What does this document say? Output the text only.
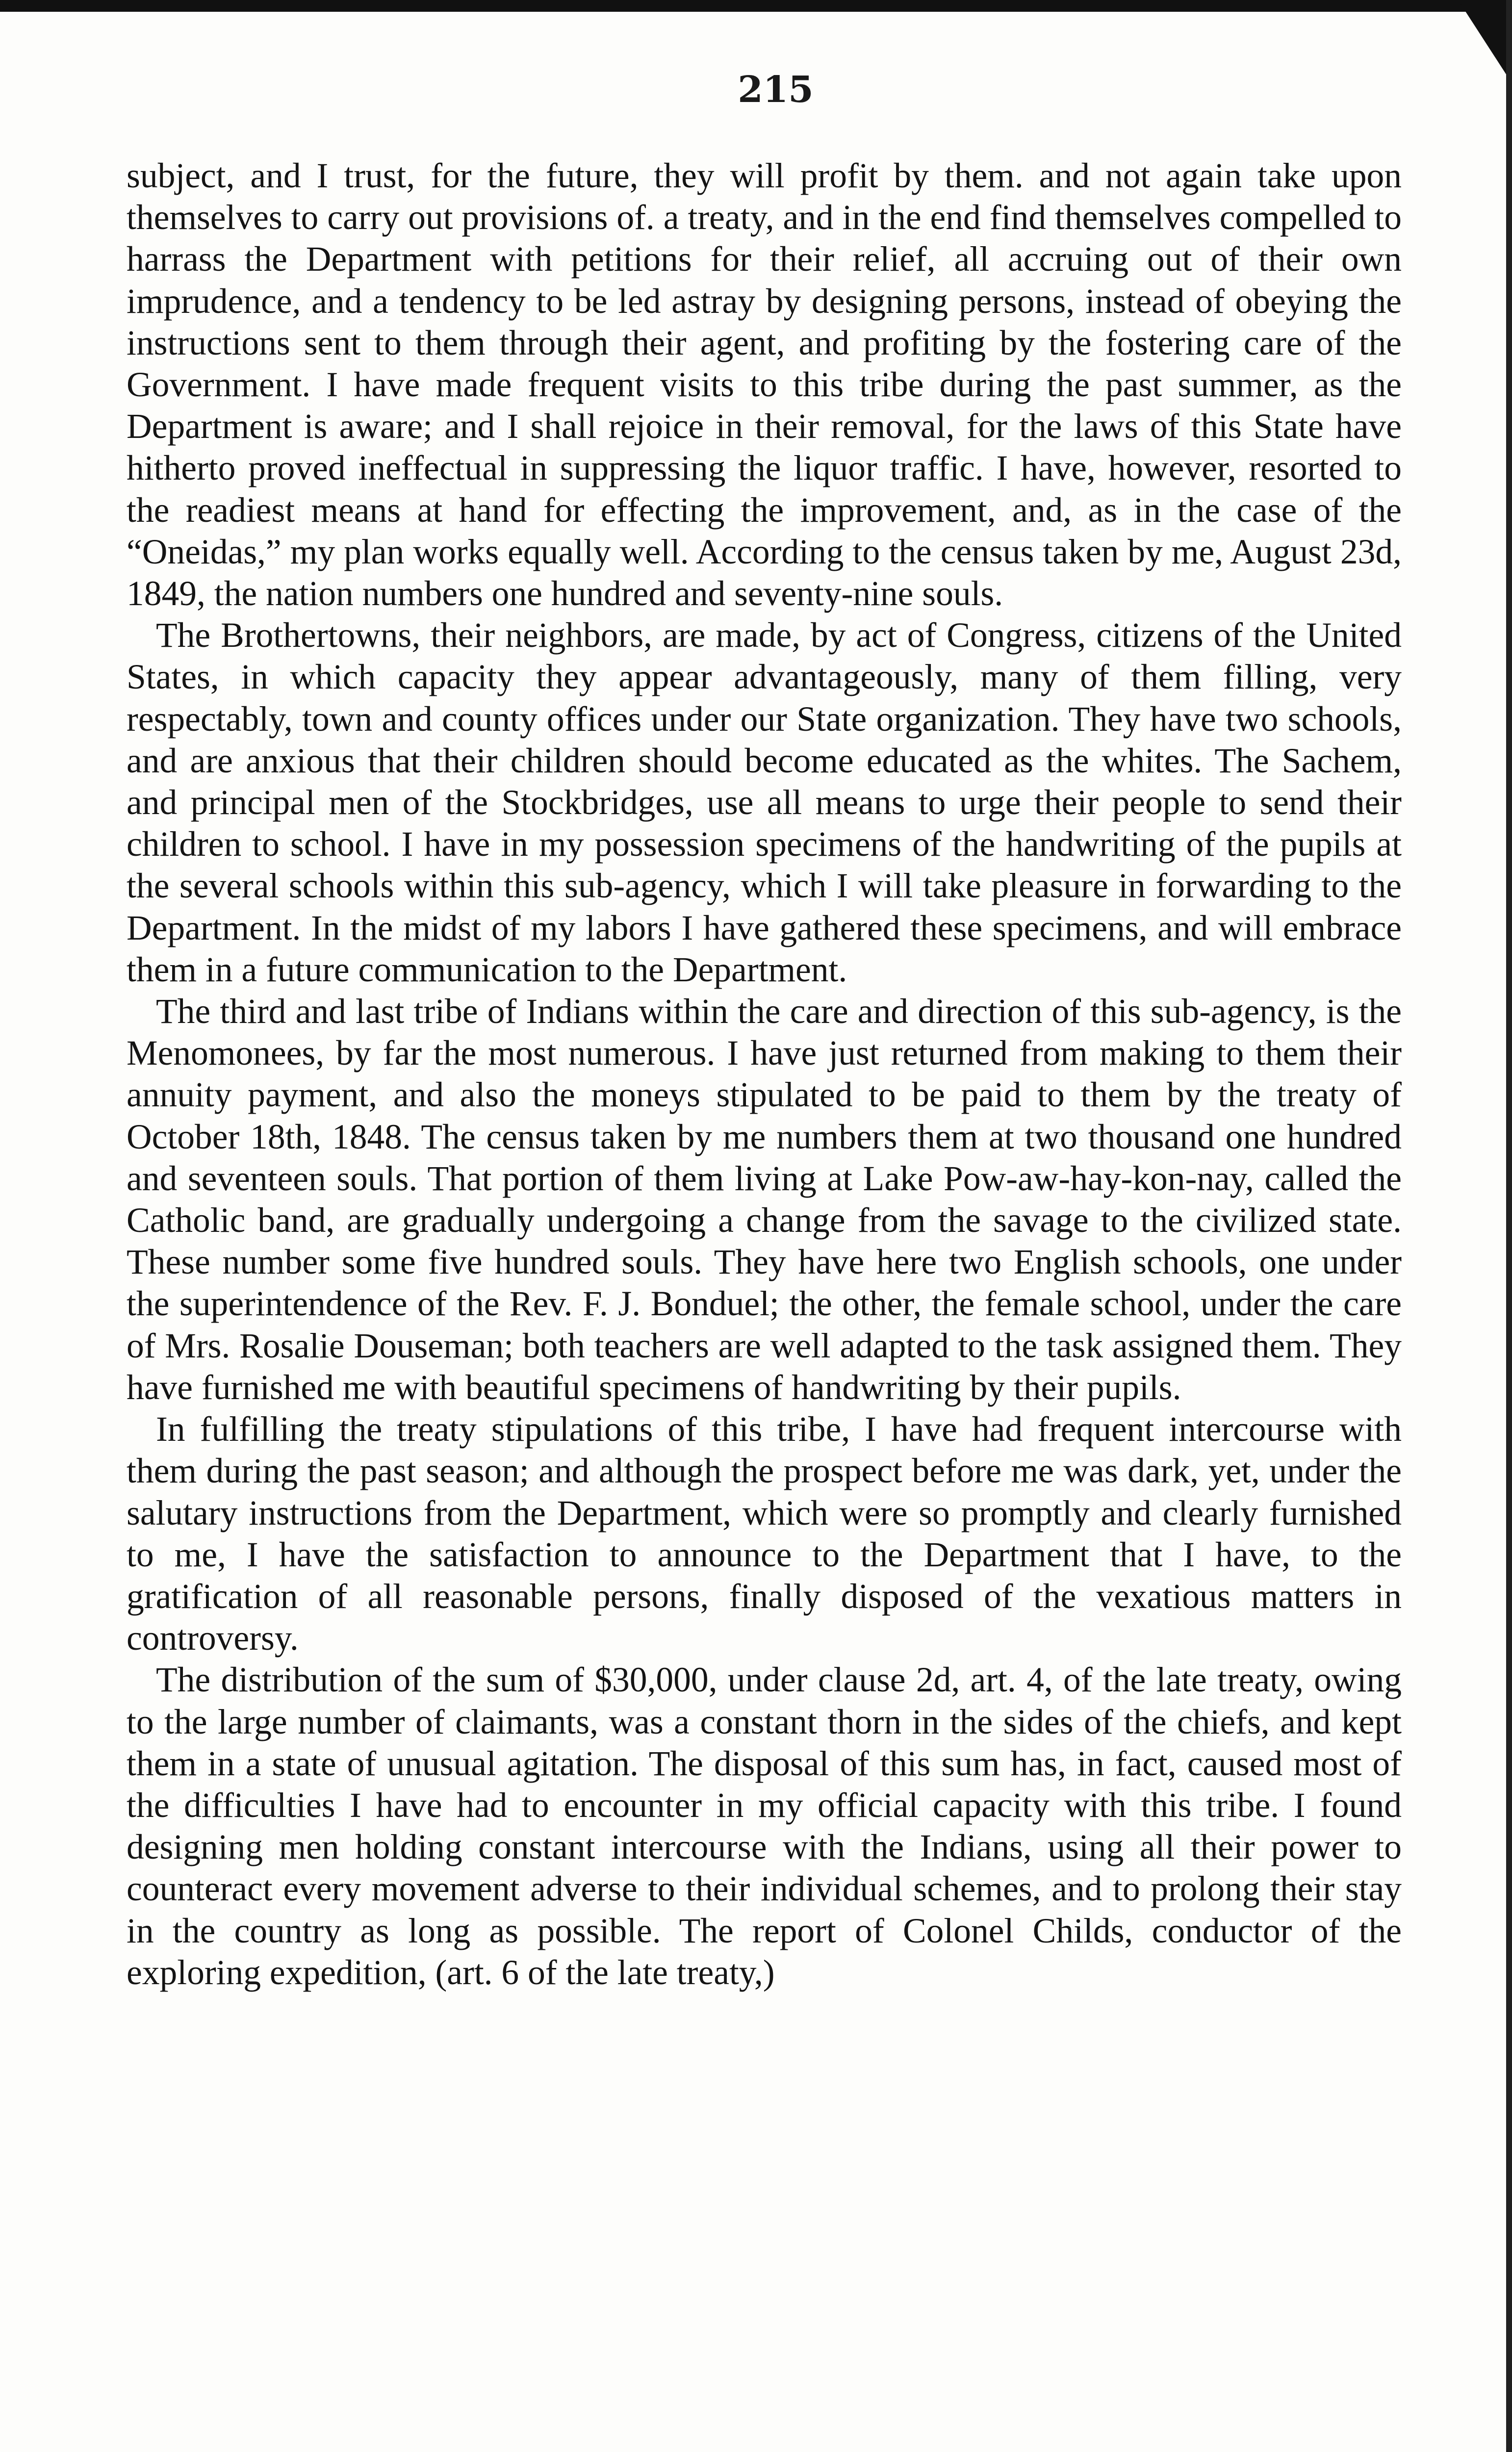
215

subject, and I trust, for the future, they will profit by them. and not again take upon themselves to carry out provisions of. a treaty, and in the end find themselves compelled to harrass the Department with petitions for their relief, all accruing out of their own imprudence, and a tendency to be led astray by designing persons, instead of obeying the instructions sent to them through their agent, and profiting by the fostering care of the Government. I have made frequent visits to this tribe during the past summer, as the Department is aware; and I shall rejoice in their removal, for the laws of this State have hitherto proved ineffectual in suppressing the liquor traffic. I have, however, resorted to the readiest means at hand for effecting the improvement, and, as in the case of the “Oneidas,” my plan works equally well. According to the census taken by me, August 23d, 1849, the nation numbers one hundred and seventy-nine souls.

The Brothertowns, their neighbors, are made, by act of Congress, citizens of the United States, in which capacity they appear advantageously, many of them filling, very respectably, town and county offices under our State organization. They have two schools, and are anxious that their children should become educated as the whites. The Sachem, and principal men of the Stockbridges, use all means to urge their people to send their children to school. I have in my possession specimens of the handwriting of the pupils at the several schools within this sub-agency, which I will take pleasure in forwarding to the Department. In the midst of my labors I have gathered these specimens, and will embrace them in a future communication to the Department.

The third and last tribe of Indians within the care and direction of this sub-agency, is the Menomonees, by far the most numerous. I have just returned from making to them their annuity payment, and also the moneys stipulated to be paid to them by the treaty of October 18th, 1848. The census taken by me numbers them at two thousand one hundred and seventeen souls. That portion of them living at Lake Pow-aw-hay-kon-nay, called the Catholic band, are gradually undergoing a change from the savage to the civilized state. These number some five hundred souls. They have here two English schools, one under the superintendence of the Rev. F. J. Bonduel; the other, the female school, under the care of Mrs. Rosalie Douseman; both teachers are well adapted to the task assigned them. They have furnished me with beautiful specimens of handwriting by their pupils.

In fulfilling the treaty stipulations of this tribe, I have had frequent intercourse with them during the past season; and although the prospect before me was dark, yet, under the salutary instructions from the Department, which were so promptly and clearly furnished to me, I have the satisfaction to announce to the Department that I have, to the gratification of all reasonable persons, finally disposed of the vexatious matters in controversy.

The distribution of the sum of $30,000, under clause 2d, art. 4, of the late treaty, owing to the large number of claimants, was a constant thorn in the sides of the chiefs, and kept them in a state of unusual agitation. The disposal of this sum has, in fact, caused most of the difficulties I have had to encounter in my official capacity with this tribe. I found designing men holding constant intercourse with the Indians, using all their power to counteract every movement adverse to their individual schemes, and to prolong their stay in the country as long as possible. The report of Colonel Childs, conductor of the exploring expedition, (art. 6 of the late treaty,)
